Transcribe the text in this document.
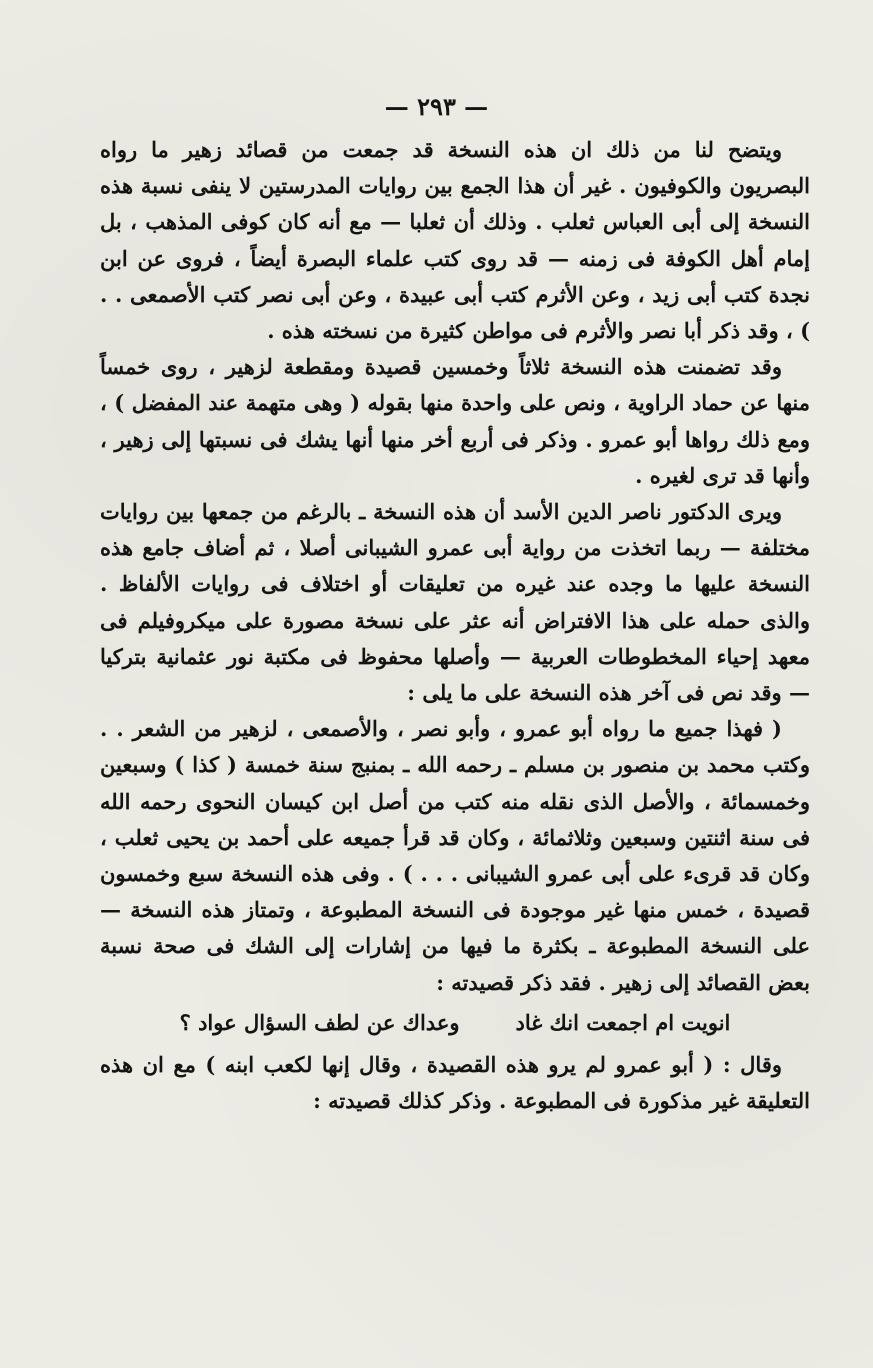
— ٢٩٣ —

ويتضح لنا من ذلك ان هذه النسخة قد جمعت من قصائد زهير ما رواه البصريون والكوفيون . غير أن هذا الجمع بين روايات المدرستين لا ينفى نسبة هذه النسخة إلى أبى العباس ثعلب . وذلك أن ثعلبا — مع أنه كان كوفى المذهب ، بل إمام أهل الكوفة فى زمنه — قد روى كتب علماء البصرة أيضاً ، فروى عن ابن نجدة كتب أبى زيد ، وعن الأثرم كتب أبى عبيدة ، وعن أبى نصر كتب الأصمعى . . ) ، وقد ذكر أبا نصر والأثرم فى مواطن كثيرة من نسخته هذه .

وقد تضمنت هذه النسخة ثلاثاً وخمسين قصيدة ومقطعة لزهير ، روى خمساً منها عن حماد الراوية ، ونص على واحدة منها بقوله ( وهى متهمة عند المفضل ) ، ومع ذلك رواها أبو عمرو . وذكر فى أربع أخر منها أنها يشك فى نسبتها إلى زهير ، وأنها قد ترى لغيره .

ويرى الدكتور ناصر الدين الأسد أن هذه النسخة ـ بالرغم من جمعها بين روايات مختلفة — ربما اتخذت من رواية أبى عمرو الشيبانى أصلا ، ثم أضاف جامع هذه النسخة عليها ما وجده عند غيره من تعليقات أو اختلاف فى روايات الألفاظ . والذى حمله على هذا الافتراض أنه عثر على نسخة مصورة على ميكروفيلم فى معهد إحياء المخطوطات العربية — وأصلها محفوظ فى مكتبة نور عثمانية بتركيا — وقد نص فى آخر هذه النسخة على ما يلى :

( فهذا جميع ما رواه أبو عمرو ، وأبو نصر ، والأصمعى ، لزهير من الشعر . . وكتب محمد بن منصور بن مسلم ـ رحمه الله ـ بمنبج سنة خمسة ( كذا ) وسبعين وخمسمائة ، والأصل الذى نقله منه كتب من أصل ابن كيسان النحوى رحمه الله فى سنة اثنتين وسبعين وثلاثمائة ، وكان قد قرأ جميعه على أحمد بن يحيى ثعلب ، وكان قد قرىء على أبى عمرو الشيبانى . . . ) . وفى هذه النسخة سبع وخمسون قصيدة ، خمس منها غير موجودة فى النسخة المطبوعة ، وتمتاز هذه النسخة — على النسخة المطبوعة ـ بكثرة ما فيها من إشارات إلى الشك فى صحة نسبة بعض القصائد إلى زهير . فقد ذكر قصيدته :

انويت ام اجمعت انك غاد
وعداك عن لطف السؤال عواد ؟

وقال : ( أبو عمرو لم يرو هذه القصيدة ، وقال إنها لكعب ابنه ) مع ان هذه التعليقة غير مذكورة فى المطبوعة . وذكر كذلك قصيدته :
